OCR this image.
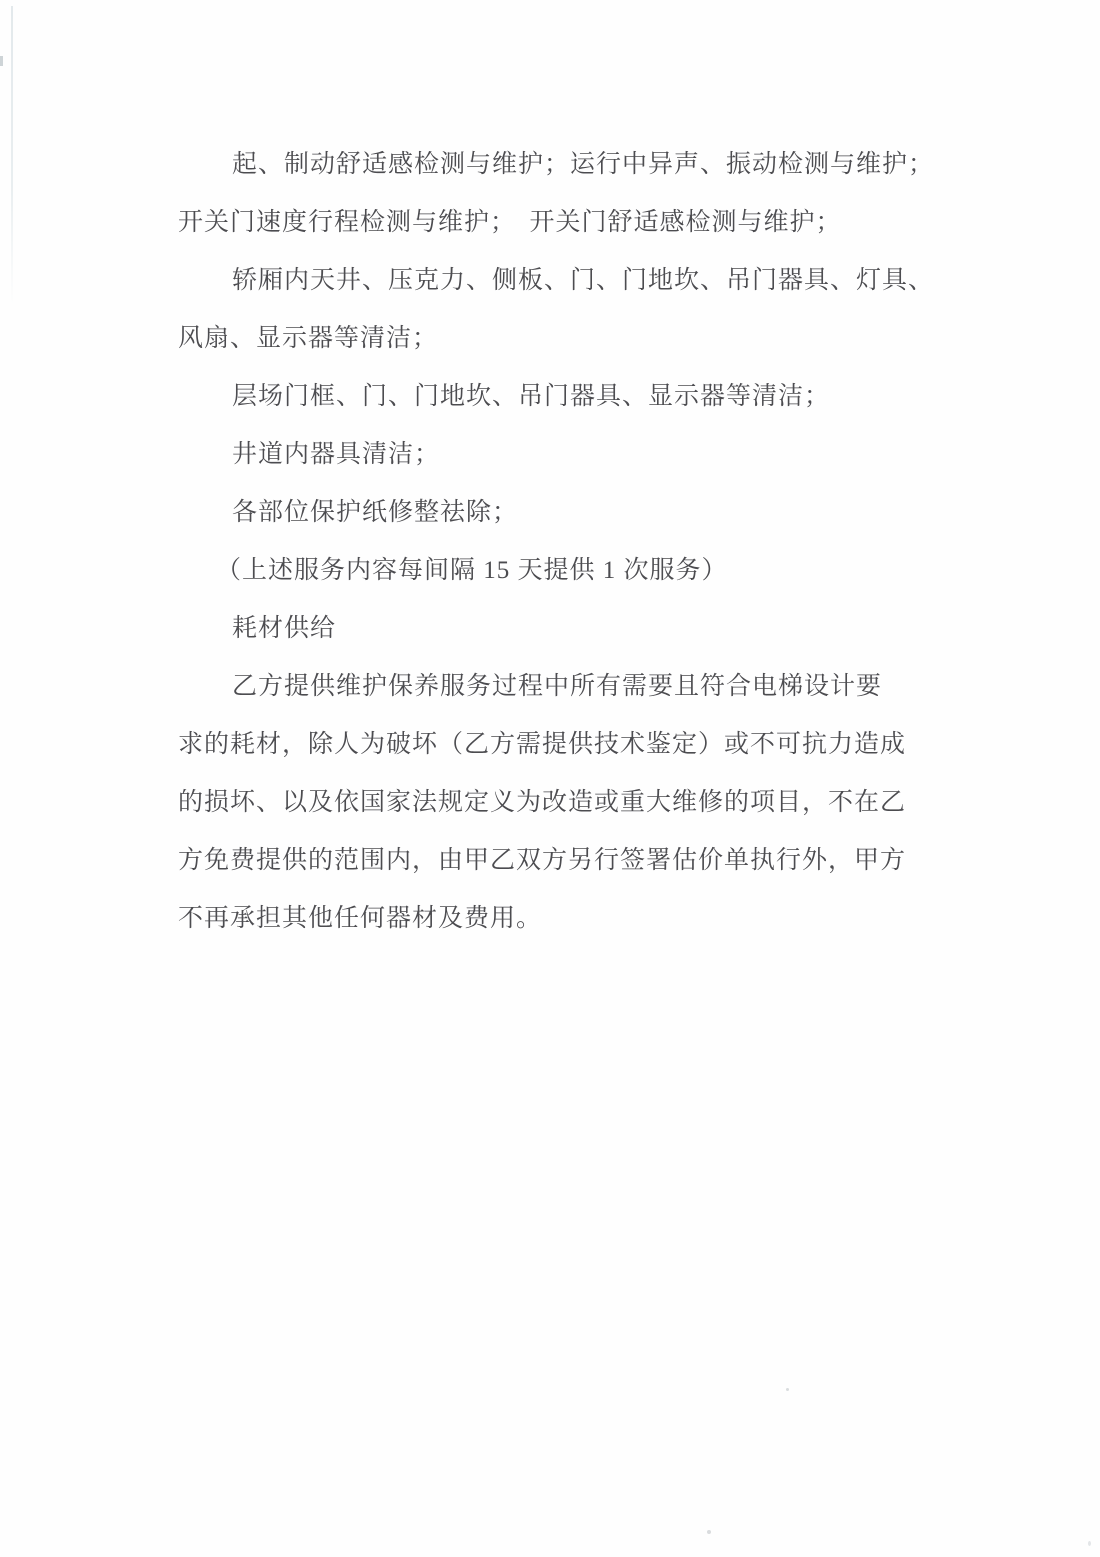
起、制动舒适感检测与维护；运行中异声、振动检测与维护；
开关门速度行程检测与维护；　开关门舒适感检测与维护；
轿厢内天井、压克力、侧板、门、门地坎、吊门器具、灯具、
风扇、显示器等清洁；
层场门框、门、门地坎、吊门器具、显示器等清洁；
井道内器具清洁；
各部位保护纸修整祛除；
（上述服务内容每间隔 15 天提供 1 次服务）
耗材供给
乙方提供维护保养服务过程中所有需要且符合电梯设计要
求的耗材，除人为破坏（乙方需提供技术鉴定）或不可抗力造成
的损坏、以及依国家法规定义为改造或重大维修的项目，不在乙
方免费提供的范围内，由甲乙双方另行签署估价单执行外，甲方
不再承担其他任何器材及费用。
